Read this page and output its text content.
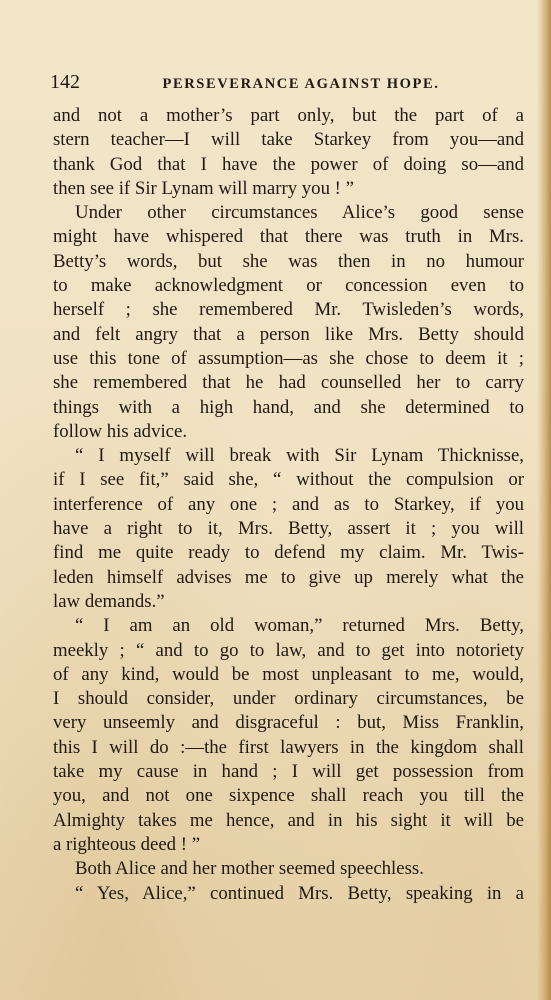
142	PERSEVERANCE AGAINST HOPE.
and not a mother’s part only, but the part of a
stern teacher—I will take Starkey from you—and
thank God that I have the power of doing so—and
then see if Sir Lynam will marry you ! ”
Under other circumstances Alice’s good sense
might have whispered that there was truth in Mrs.
Betty’s words, but she was then in no humour
to make acknowledgment or concession even to
herself ; she remembered Mr. Twisleden’s words,
and felt angry that a person like Mrs. Betty should
use this tone of assumption—as she chose to deem it ;
she remembered that he had counselled her to carry
things with a high hand, and she determined to
follow his advice.
“ I myself will break with Sir Lynam Thicknisse,
if I see fit,” said she, “ without the compulsion or
interference of any one ; and as to Starkey, if you
have a right to it, Mrs. Betty, assert it ; you will
find me quite ready to defend my claim. Mr. Twis-
leden himself advises me to give up merely what the
law demands.”
“ I am an old woman,” returned Mrs. Betty,
meekly ; “ and to go to law, and to get into notoriety
of any kind, would be most unpleasant to me, would,
I should consider, under ordinary circumstances, be
very unseemly and disgraceful : but, Miss Franklin,
this I will do :—the first lawyers in the kingdom shall
take my cause in hand ; I will get possession from
you, and not one sixpence shall reach you till the
Almighty takes me hence, and in his sight it will be
a righteous deed ! ”
Both Alice and her mother seemed speechless.
“ Yes, Alice,” continued Mrs. Betty, speaking in a
